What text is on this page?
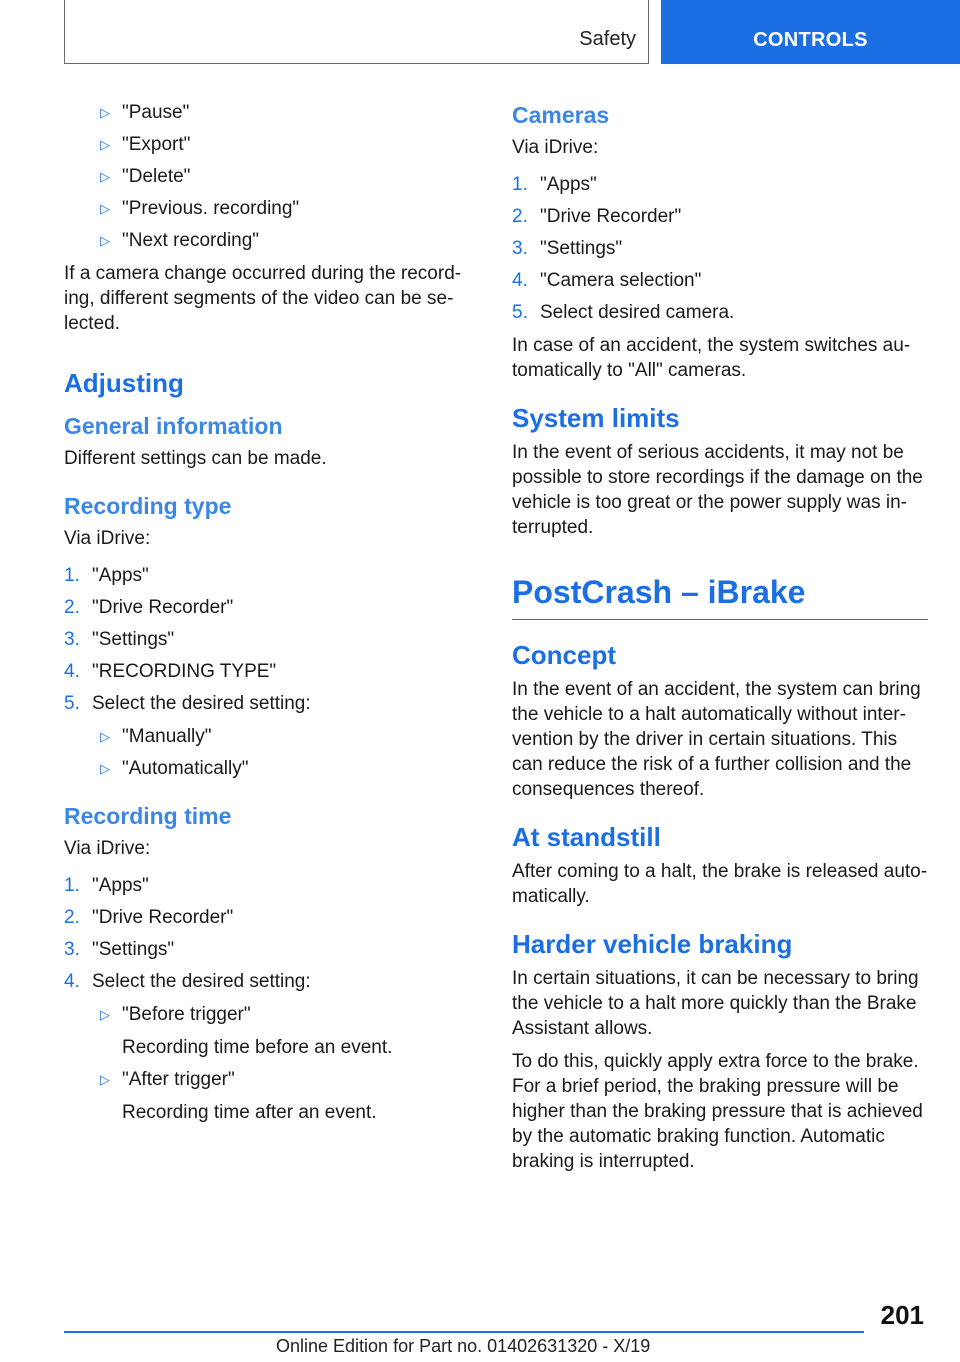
Safety	CONTROLS
▷ "Pause"
▷ "Export"
▷ "Delete"
▷ "Previous. recording"
▷ "Next recording"

If a camera change occurred during the recording, different segments of the video can be selected.

Adjusting
General information

Different settings can be made.

Recording type

Via iDrive:

1. "Apps"
2. "Drive Recorder"
3. "Settings"
4. "RECORDING TYPE"
5. Select the desired setting:
▷ "Manually"
▷ "Automatically"
Recording time

Via iDrive:

1. "Apps"
2. "Drive Recorder"
3. "Settings"
4. Select the desired setting:
▷ "Before trigger"

Recording time before an event.

▷ "After trigger"

Recording time after an event.

Cameras

Via iDrive:

1. "Apps"
2. "Drive Recorder"
3. "Settings"
4. "Camera selection"
5. Select desired camera.

In case of an accident, the system switches automatically to "All" cameras.

System limits

In the event of serious accidents, it may not be possible to store recordings if the damage on the vehicle is too great or the power supply was interrupted.

PostCrash – iBrake
Concept

In the event of an accident, the system can bring the vehicle to a halt automatically without intervention by the driver in certain situations. This can reduce the risk of a further collision and the consequences thereof.

At standstill

After coming to a halt, the brake is released automatically.

Harder vehicle braking

In certain situations, it can be necessary to bring the vehicle to a halt more quickly than the Brake Assistant allows.

To do this, quickly apply extra force to the brake. For a brief period, the braking pressure will be higher than the braking pressure that is achieved by the automatic braking function. Automatic braking is interrupted.

201
Online Edition for Part no. 01402631320 - X/19
